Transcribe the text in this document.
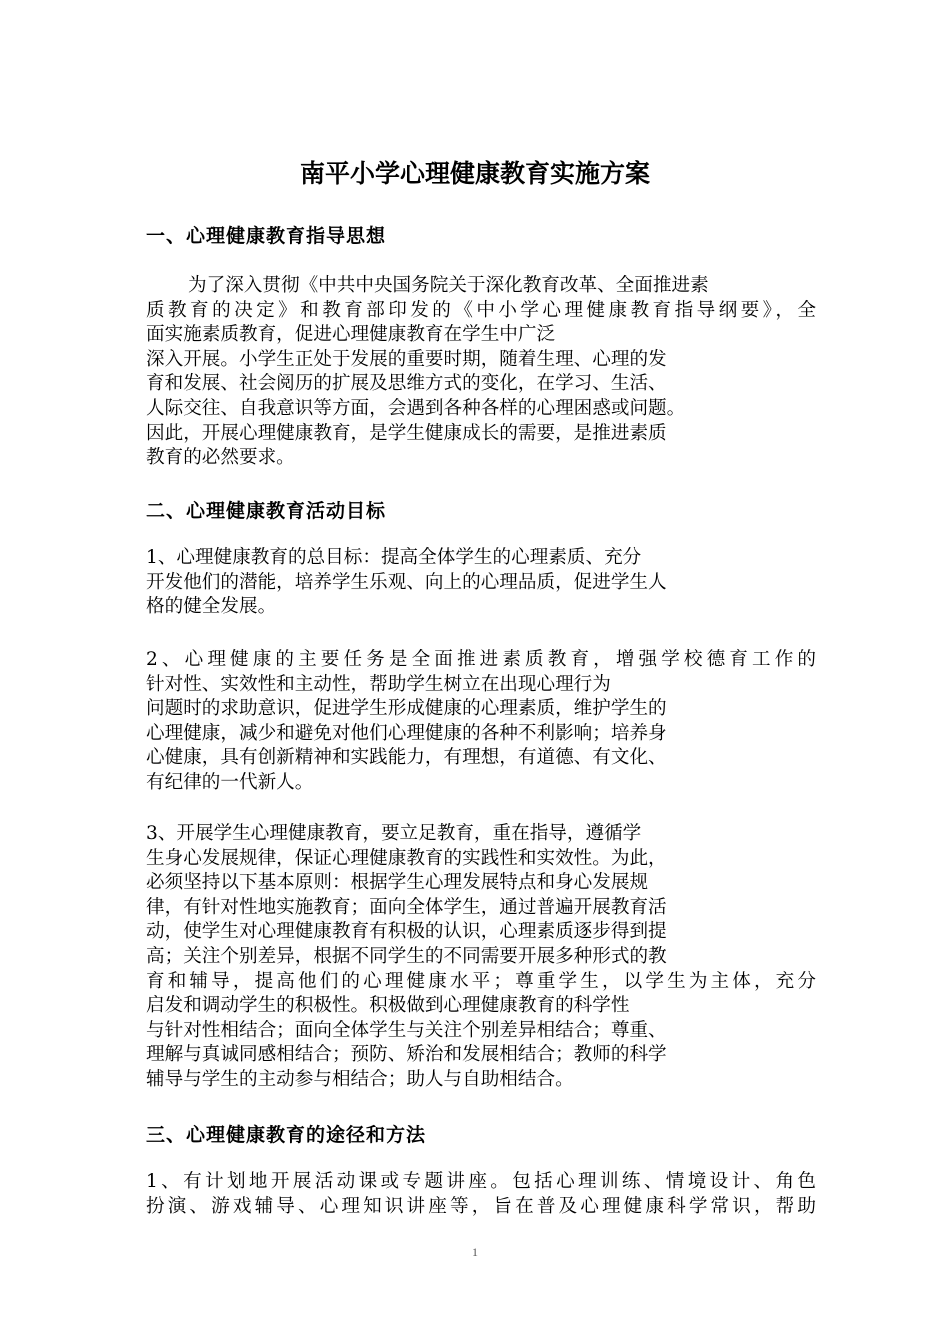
南平小学心理健康教育实施方案
一、心理健康教育指导思想
为了深入贯彻《中共中央国务院关于深化教育改革、全面推进素
质教育的决定》和教育部印发的《中小学心理健康教育指导纲要》，全
面实施素质教育，促进心理健康教育在学生中广泛
深入开展。小学生正处于发展的重要时期，随着生理、心理的发
育和发展、社会阅历的扩展及思维方式的变化，在学习、生活、
人际交往、自我意识等方面，会遇到各种各样的心理困惑或问题。
因此，开展心理健康教育，是学生健康成长的需要，是推进素质
教育的必然要求。
二、心理健康教育活动目标
1、心理健康教育的总目标：提高全体学生的心理素质、充分
开发他们的潜能，培养学生乐观、向上的心理品质，促进学生人
格的健全发展。
2、心理健康的主要任务是全面推进素质教育，增强学校德育工作的
针对性、实效性和主动性，帮助学生树立在出现心理行为
问题时的求助意识，促进学生形成健康的心理素质，维护学生的
心理健康，减少和避免对他们心理健康的各种不利影响；培养身
心健康，具有创新精神和实践能力，有理想，有道德、有文化、
有纪律的一代新人。
3、开展学生心理健康教育，要立足教育，重在指导，遵循学
生身心发展规律，保证心理健康教育的实践性和实效性。为此，
必须坚持以下基本原则：根据学生心理发展特点和身心发展规
律，有针对性地实施教育；面向全体学生，通过普遍开展教育活
动，使学生对心理健康教育有积极的认识，心理素质逐步得到提
高；关注个别差异，根据不同学生的不同需要开展多种形式的教
育和辅导，提高他们的心理健康水平；尊重学生，以学生为主体，充分
启发和调动学生的积极性。积极做到心理健康教育的科学性
与针对性相结合；面向全体学生与关注个别差异相结合；尊重、
理解与真诚同感相结合；预防、矫治和发展相结合；教师的科学
辅导与学生的主动参与相结合；助人与自助相结合。
三、心理健康教育的途径和方法
1、有计划地开展活动课或专题讲座。包括心理训练、情境设计、角色
扮演、游戏辅导、心理知识讲座等，旨在普及心理健康科学常识，帮助
1
